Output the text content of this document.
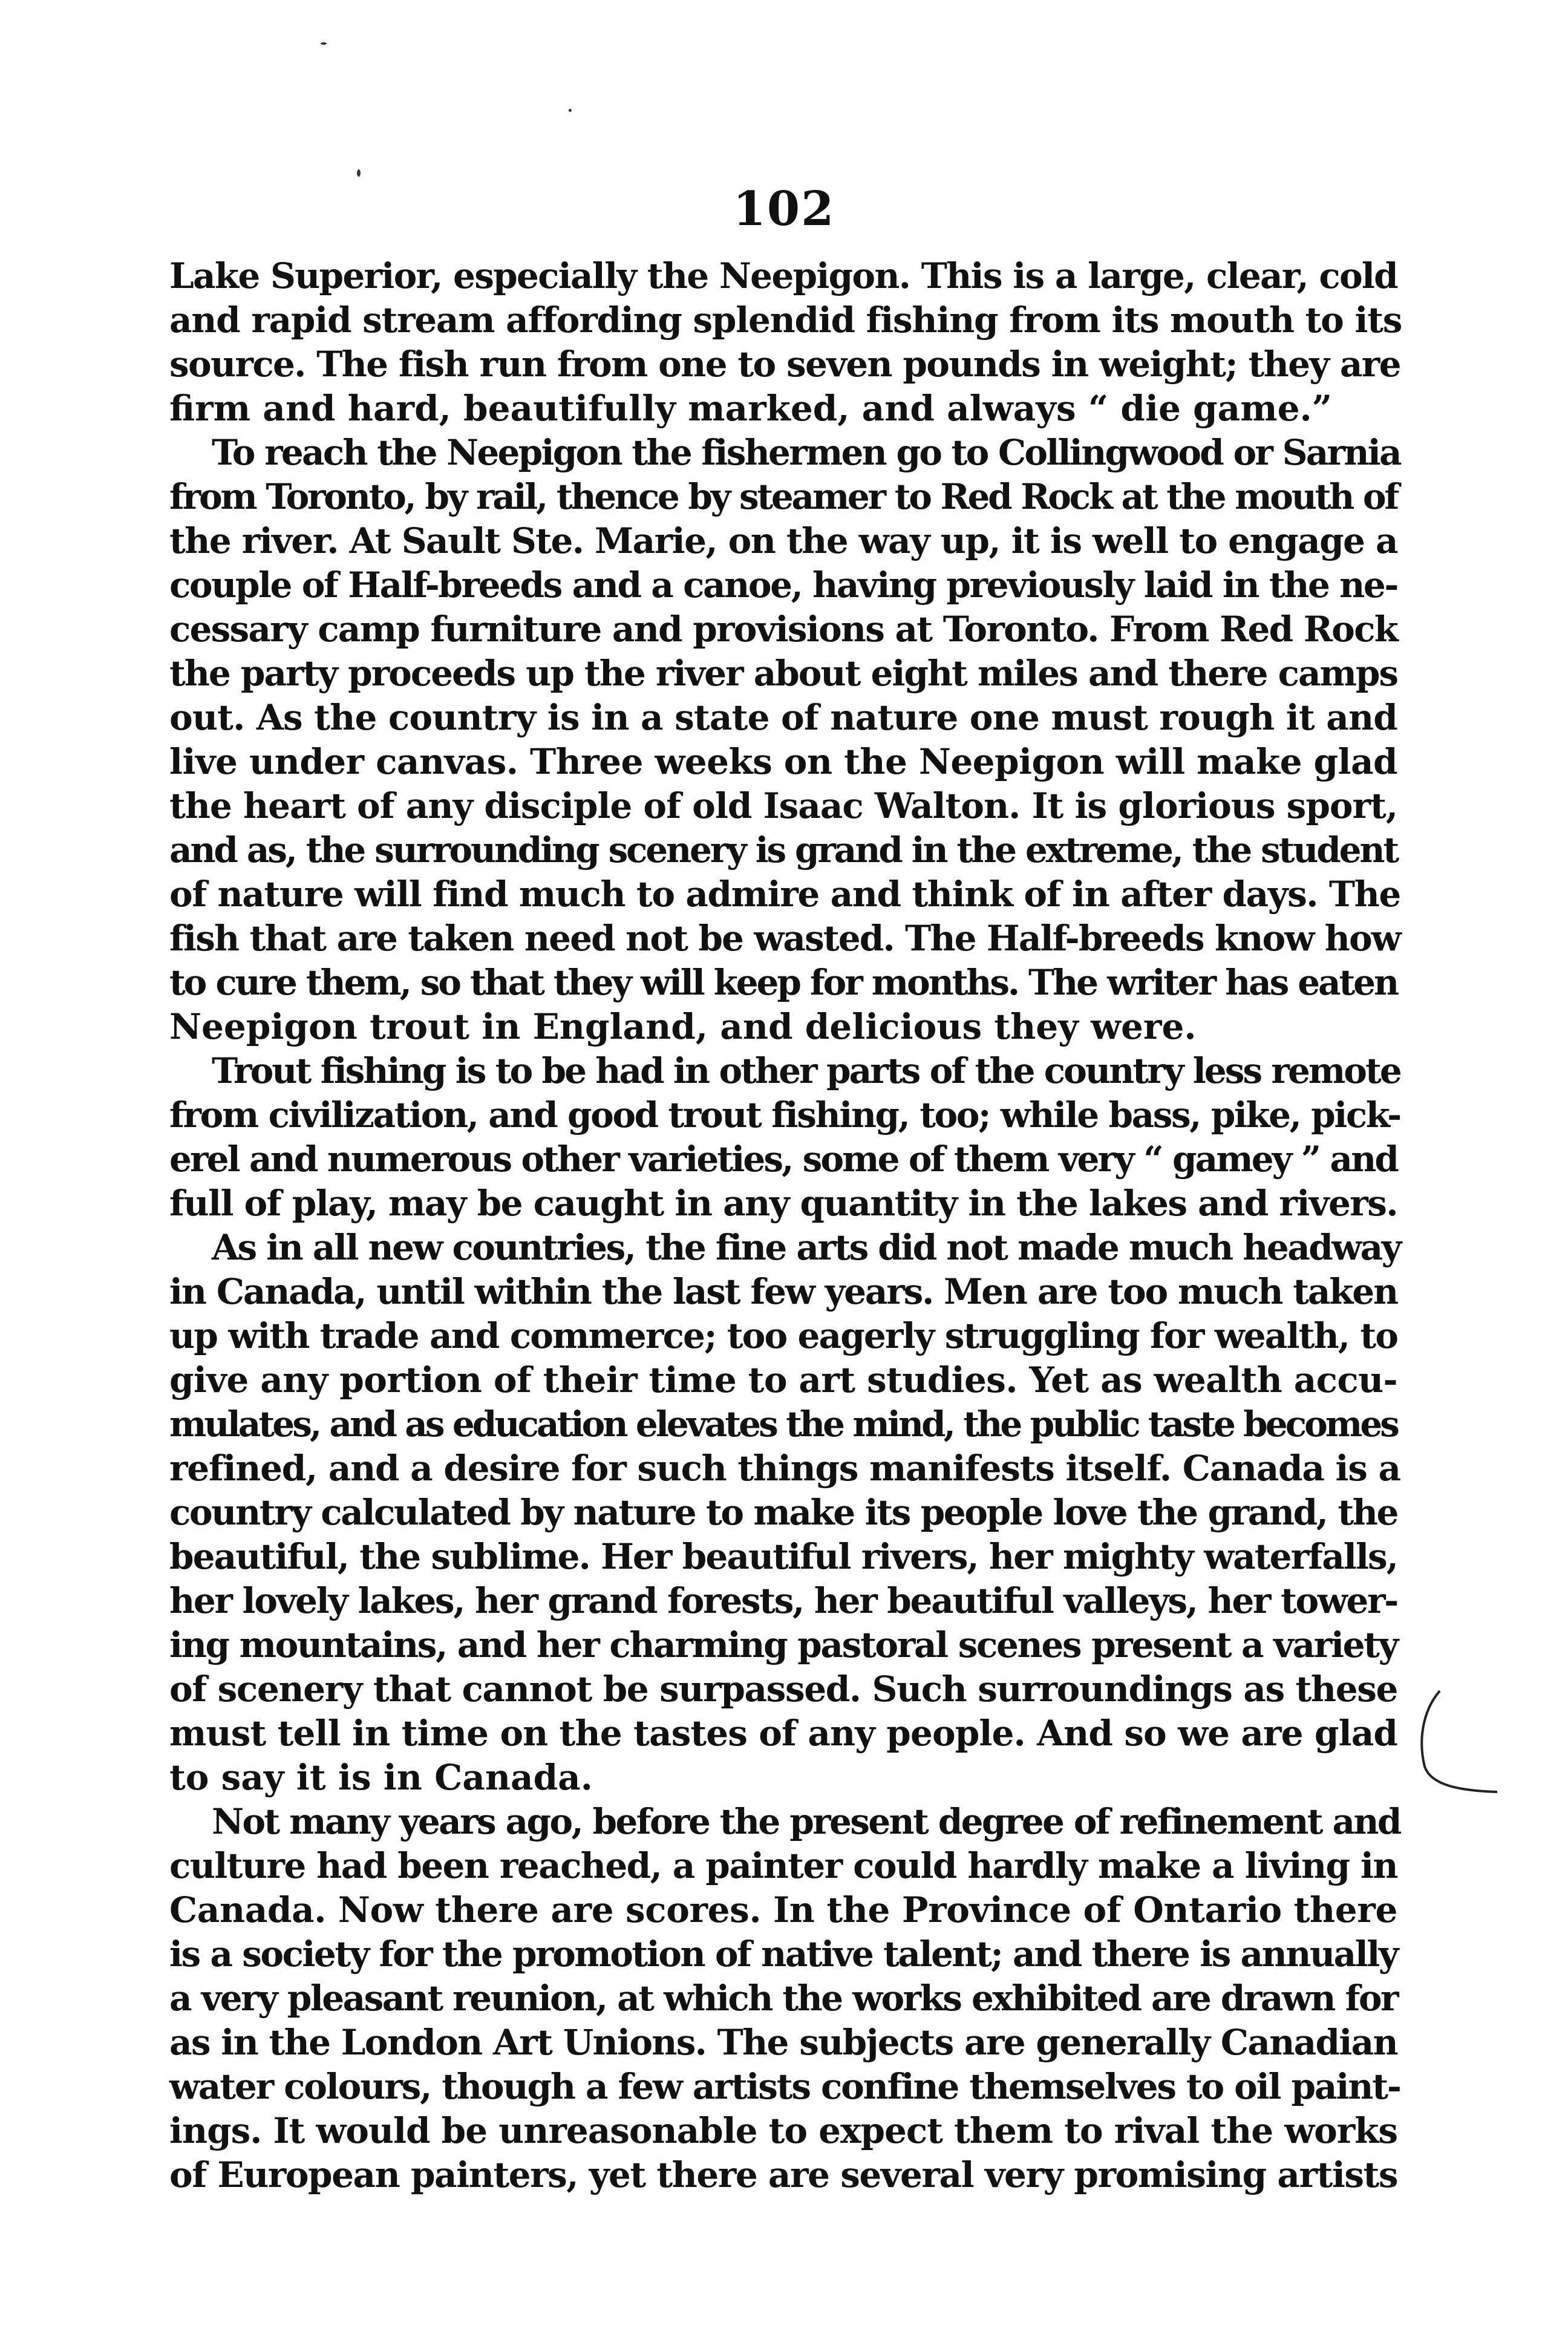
102
Lake Superior, especially the Neepigon. This is a large, clear, cold
and rapid stream affording splendid fishing from its mouth to its
source. The fish run from one to seven pounds in weight; they are
firm and hard, beautifully marked, and always “ die game.”
To reach the Neepigon the fishermen go to Collingwood or Sarnia
from Toronto, by rail, thence by steamer to Red Rock at the mouth of
the river. At Sault Ste. Marie, on the way up, it is well to engage a
couple of Half-breeds and a canoe, having previously laid in the ne-
cessary camp furniture and provisions at Toronto. From Red Rock
the party proceeds up the river about eight miles and there camps
out. As the country is in a state of nature one must rough it and
live under canvas. Three weeks on the Neepigon will make glad
the heart of any disciple of old Isaac Walton. It is glorious sport,
and as, the surrounding scenery is grand in the extreme, the student
of nature will find much to admire and think of in after days. The
fish that are taken need not be wasted. The Half-breeds know how
to cure them, so that they will keep for months. The writer has eaten
Neepigon trout in England, and delicious they were.
Trout fishing is to be had in other parts of the country less remote
from civilization, and good trout fishing, too; while bass, pike, pick-
erel and numerous other varieties, some of them very “ gamey ” and
full of play, may be caught in any quantity in the lakes and rivers.
As in all new countries, the fine arts did not made much headway
in Canada, until within the last few years. Men are too much taken
up with trade and commerce; too eagerly struggling for wealth, to
give any portion of their time to art studies. Yet as wealth accu-
mulates, and as education elevates the mind, the public taste becomes
refined, and a desire for such things manifests itself. Canada is a
country calculated by nature to make its people love the grand, the
beautiful, the sublime. Her beautiful rivers, her mighty waterfalls,
her lovely lakes, her grand forests, her beautiful valleys, her tower-
ing mountains, and her charming pastoral scenes present a variety
of scenery that cannot be surpassed. Such surroundings as these
must tell in time on the tastes of any people. And so we are glad
to say it is in Canada.
Not many years ago, before the present degree of refinement and
culture had been reached, a painter could hardly make a living in
Canada. Now there are scores. In the Province of Ontario there
is a society for the promotion of native talent; and there is annually
a very pleasant reunion, at which the works exhibited are drawn for
as in the London Art Unions. The subjects are generally Canadian
water colours, though a few artists confine themselves to oil paint-
ings. It would be unreasonable to expect them to rival the works
of European painters, yet there are several very promising artists
